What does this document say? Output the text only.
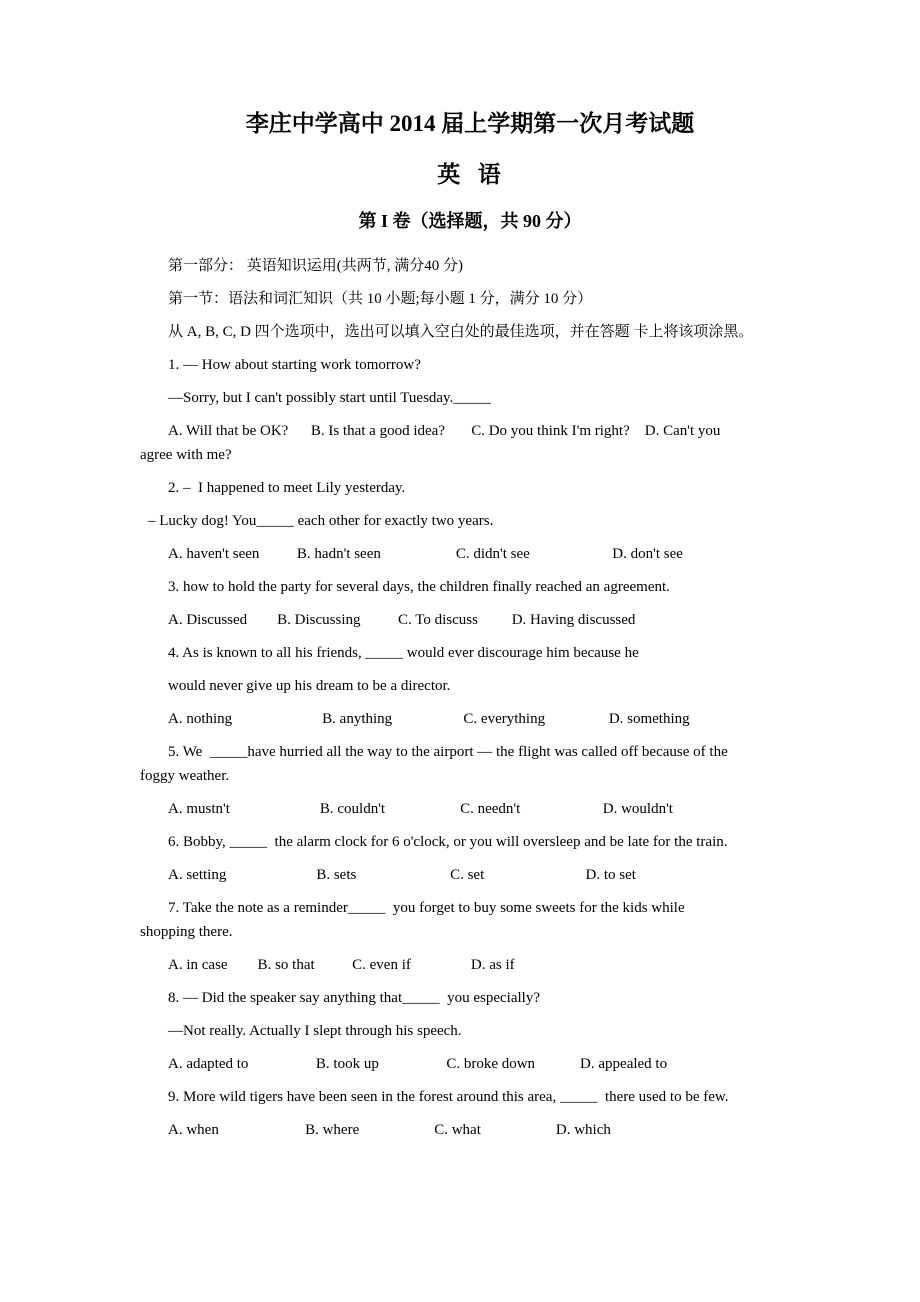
李庄中学高中 2014 届上学期第一次月考试题
英  语
第 I 卷（选择题，共 90 分）

第一部分： 英语知识运用(共两节, 满分40 分)

第一节：语法和词汇知识（共 10 小题;每小题 1 分，满分 10 分）

从 A, B, C, D 四个选项中，选出可以填入空白处的最佳选项，并在答题 卡上将该项涂黑。

1. — How about starting work tomorrow?

—Sorry, but I can't possibly start until Tuesday._____

A. Will that be OK?      B. Is that a good idea?       C. Do you think I'm right?    D. Can't you

agree with me?

2. –  I happened to meet Lily yesterday.

– Lucky dog! You_____ each other for exactly two years.

A. haven't seen          B. hadn't seen                    C. didn't see                      D. don't see

3. how to hold the party for several days, the children finally reached an agreement.

A. Discussed        B. Discussing          C. To discuss         D. Having discussed

4. As is known to all his friends, _____ would ever discourage him because he

would never give up his dream to be a director.

A. nothing                        B. anything                   C. everything                 D. something

5. We  _____have hurried all the way to the airport — the flight was called off because of the

foggy weather.

A. mustn't                        B. couldn't                    C. needn't                      D. wouldn't

6. Bobby, _____  the alarm clock for 6 o'clock, or you will oversleep and be late for the train.

A. setting                        B. sets                         C. set                           D. to set

7. Take the note as a reminder_____  you forget to buy some sweets for the kids while

shopping there.

A. in case        B. so that          C. even if                D. as if

8. — Did the speaker say anything that_____  you especially?

—Not really. Actually I slept through his speech.

A. adapted to                  B. took up                  C. broke down            D. appealed to

9. More wild tigers have been seen in the forest around this area, _____  there used to be few.

A. when                       B. where                    C. what                    D. which
